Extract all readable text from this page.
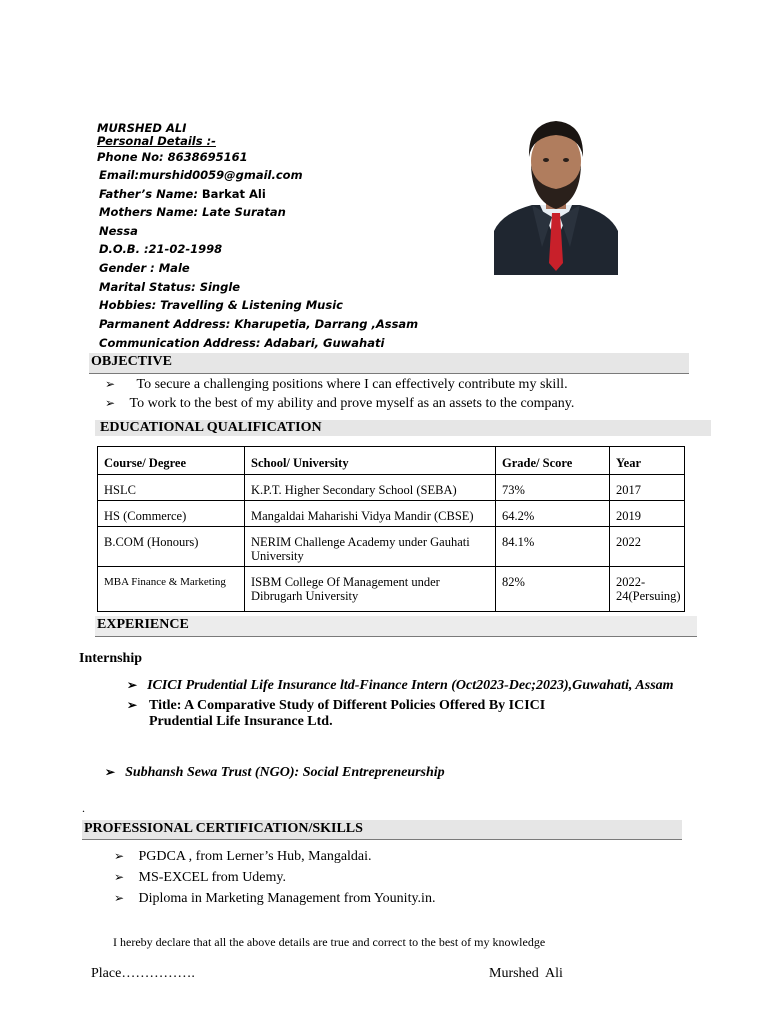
MURSHED ALI
Personal Details :-
Phone No: 8638695161
Email:murshid0059@gmail.com
Father’s Name: Barkat Ali
Mothers Name: Late Suratan
Nessa
D.O.B. :21-02-1998
Gender : Male
Marital Status: Single
Hobbies: Travelling & Listening Music
Parmanent Address: Kharupetia, Darrang ,Assam
Communication Address: Adabari, Guwahati
OBJECTIVE
➢ To secure a challenging positions where I can effectively contribute my skill.
➢ To work to the best of my ability and prove myself as an assets to the company.
EDUCATIONAL QUALIFICATION
Course/ Degree	School/ University	Grade/ Score	Year
HSLC	K.P.T. Higher Secondary School (SEBA)	73%	2017
HS (Commerce)	Mangaldai Maharishi Vidya Mandir (CBSE)	64.2%	2019
B.COM (Honours)	NERIM Challenge Academy under Gauhati University	84.1%	2022
MBA Finance & Marketing	ISBM College Of Management under Dibrugarh University	82%	2022-24(Persuing)
EXPERIENCE
Internship
➢ ICICI Prudential Life Insurance ltd-Finance Intern (Oct2023-Dec;2023),Guwahati, Assam
➢ Title: A Comparative Study of Different Policies Offered By ICICI
Prudential Life Insurance Ltd.
➢ Subhansh Sewa Trust (NGO): Social Entrepreneurship
.
PROFESSIONAL CERTIFICATION/SKILLS
➢ PGDCA , from Lerner’s Hub, Mangaldai.
➢ MS-EXCEL from Udemy.
➢ Diploma in Marketing Management from Younity.in.
I hereby declare that all the above details are true and correct to the best of my knowledge
Place…………….	Murshed  Ali
